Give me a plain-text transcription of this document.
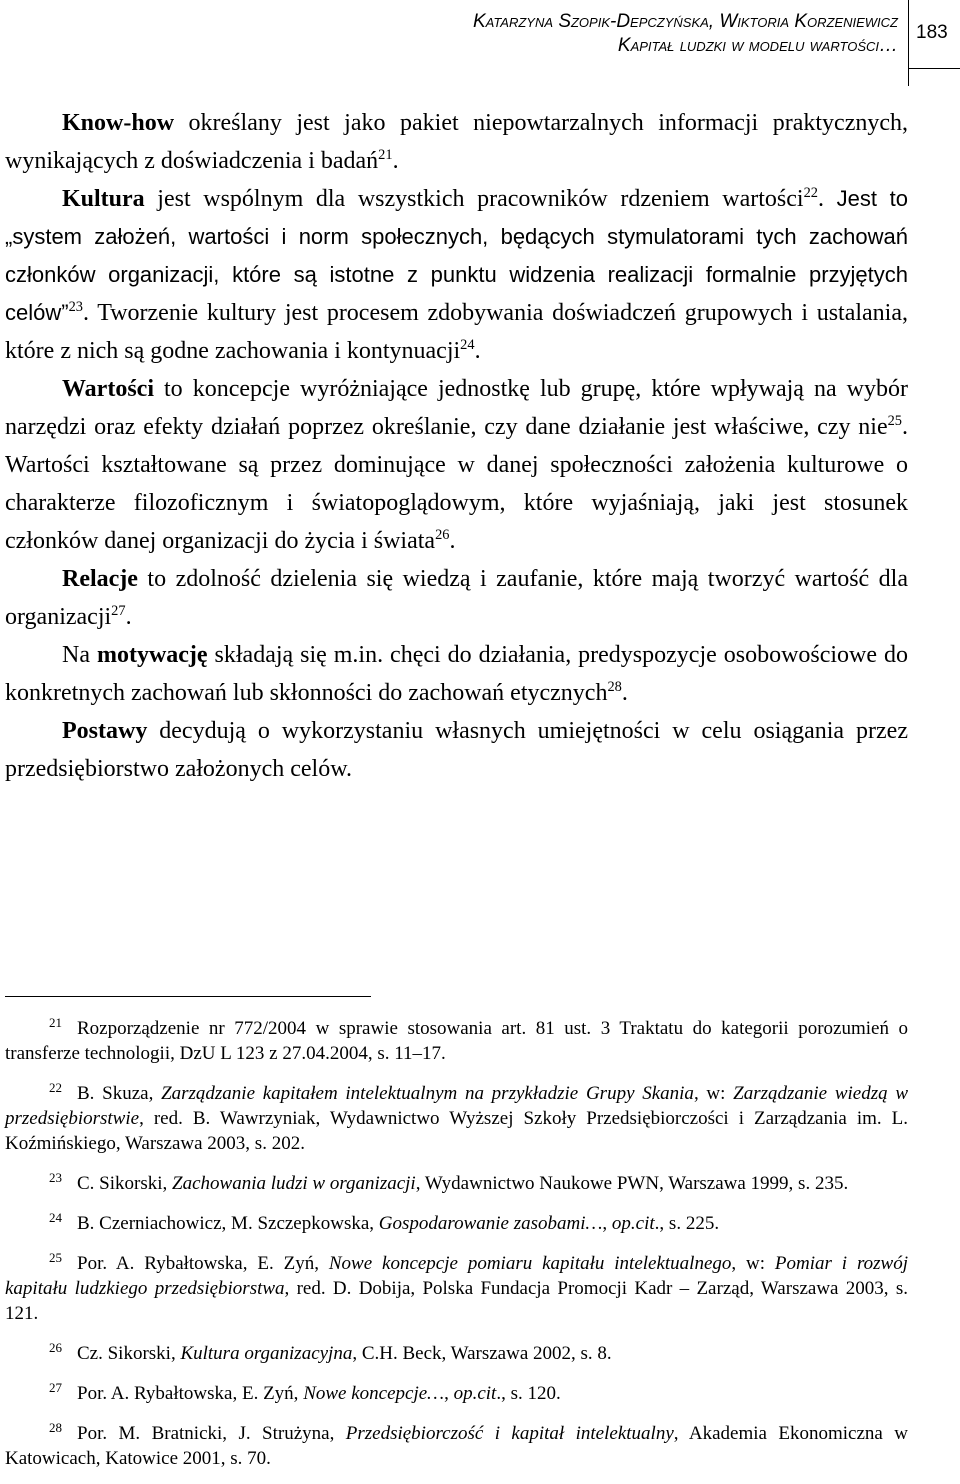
Katarzyna Szopik-Depczyńska, Wiktoria Korzeniewicz
Kapitał ludzki w modelu wartości…
183

Know-how określany jest jako pakiet niepowtarzalnych informacji praktycznych, wynikających z doświadczenia i badań$^{21}$.

Kultura jest wspólnym dla wszystkich pracowników rdzeniem wartości$^{22}$. Jest to „system założeń, wartości i norm społecznych, będących stymulatorami tych zachowań członków organizacji, które są istotne z punktu widzenia realizacji formalnie przyjętych celów”$^{23}$. Tworzenie kultury jest procesem zdobywania doświadczeń grupowych i ustalania, które z nich są godne zachowania i kontynuacji$^{24}$.

Wartości to koncepcje wyróżniające jednostkę lub grupę, które wpływają na wybór narzędzi oraz efekty działań poprzez określanie, czy dane działanie jest właściwe, czy nie$^{25}$. Wartości kształtowane są przez dominujące w danej społeczności założenia kulturowe o charakterze filozoficznym i światopoglądowym, które wyjaśniają, jaki jest stosunek członków danej organizacji do życia i świata$^{26}$.

Relacje to zdolność dzielenia się wiedzą i zaufanie, które mają tworzyć wartość dla organizacji$^{27}$.

Na motywację składają się m.in. chęci do działania, predyspozycje osobowościowe do konkretnych zachowań lub skłonności do zachowań etycznych$^{28}$.

Postawy decydują o wykorzystaniu własnych umiejętności w celu osiągania przez przedsiębiorstwo założonych celów.

21 Rozporządzenie nr 772/2004 w sprawie stosowania art. 81 ust. 3 Traktatu do kategorii porozumień o transferze technologii, DzU L 123 z 27.04.2004, s. 11–17.

22 B. Skuza, Zarządzanie kapitałem intelektualnym na przykładzie Grupy Skania, w: Zarządzanie wiedzą w przedsiębiorstwie, red. B. Wawrzyniak, Wydawnictwo Wyższej Szkoły Przedsiębiorczości i Zarządzania im. L. Koźmińskiego, Warszawa 2003, s. 202.

23 C. Sikorski, Zachowania ludzi w organizacji, Wydawnictwo Naukowe PWN, Warszawa 1999, s. 235.

24 B. Czerniachowicz, M. Szczepkowska, Gospodarowanie zasobami…, op.cit., s. 225.

25 Por. A. Rybałtowska, E. Zyń, Nowe koncepcje pomiaru kapitału intelektualnego, w: Pomiar i rozwój kapitału ludzkiego przedsiębiorstwa, red. D. Dobija, Polska Fundacja Promocji Kadr – Zarząd, Warszawa 2003, s. 121.

26 Cz. Sikorski, Kultura organizacyjna, C.H. Beck, Warszawa 2002, s. 8.

27 Por. A. Rybałtowska, E. Zyń, Nowe koncepcje…, op.cit., s. 120.

28 Por. M. Bratnicki, J. Strużyna, Przedsiębiorczość i kapitał intelektualny, Akademia Ekonomiczna w Katowicach, Katowice 2001, s. 70.
